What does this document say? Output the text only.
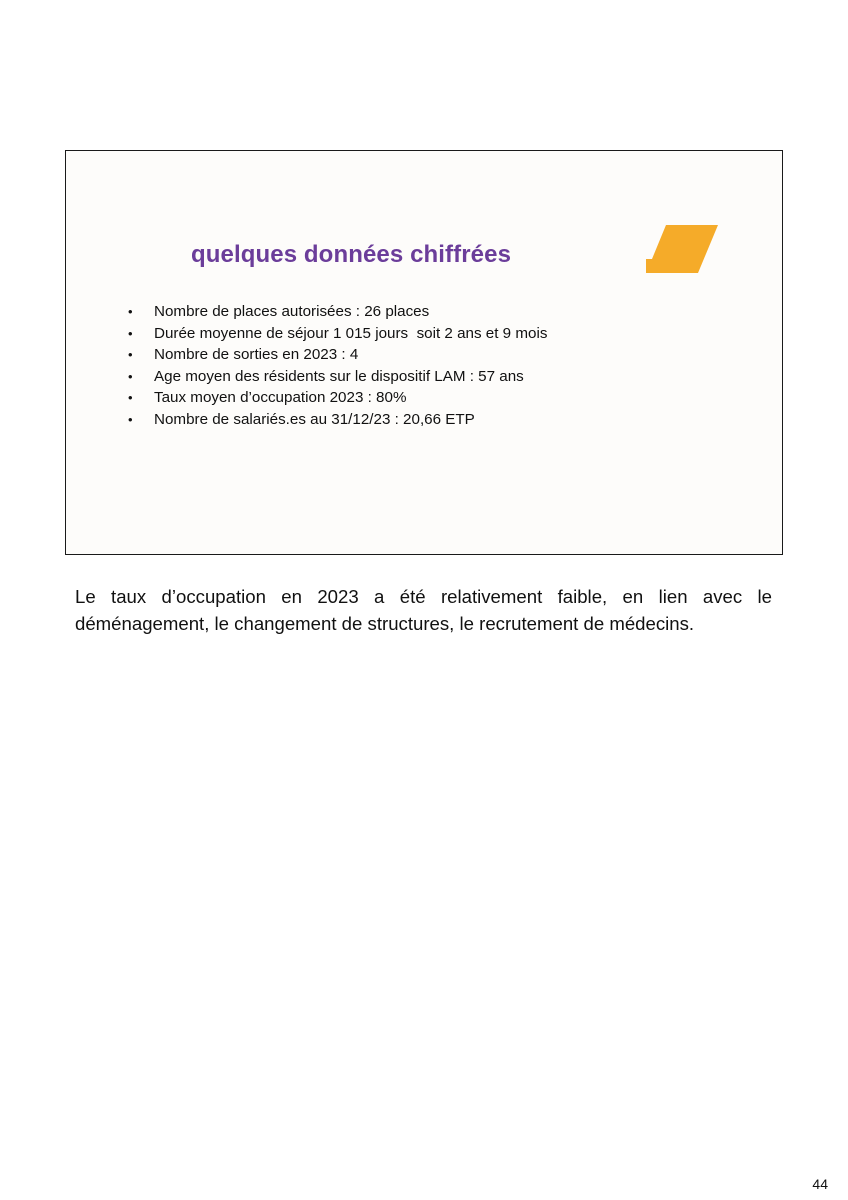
quelques données chiffrées
• Nombre de places autorisées : 26 places
• Durée moyenne de séjour 1 015 jours  soit 2 ans et 9 mois
• Nombre de sorties en 2023 : 4
• Age moyen des résidents sur le dispositif LAM : 57 ans
• Taux moyen d’occupation 2023 : 80%
• Nombre de salariés.es au 31/12/23 : 20,66 ETP

Le taux d’occupation en 2023 a été relativement faible, en lien avec le déménagement, le changement de structures, le recrutement de médecins.

44
